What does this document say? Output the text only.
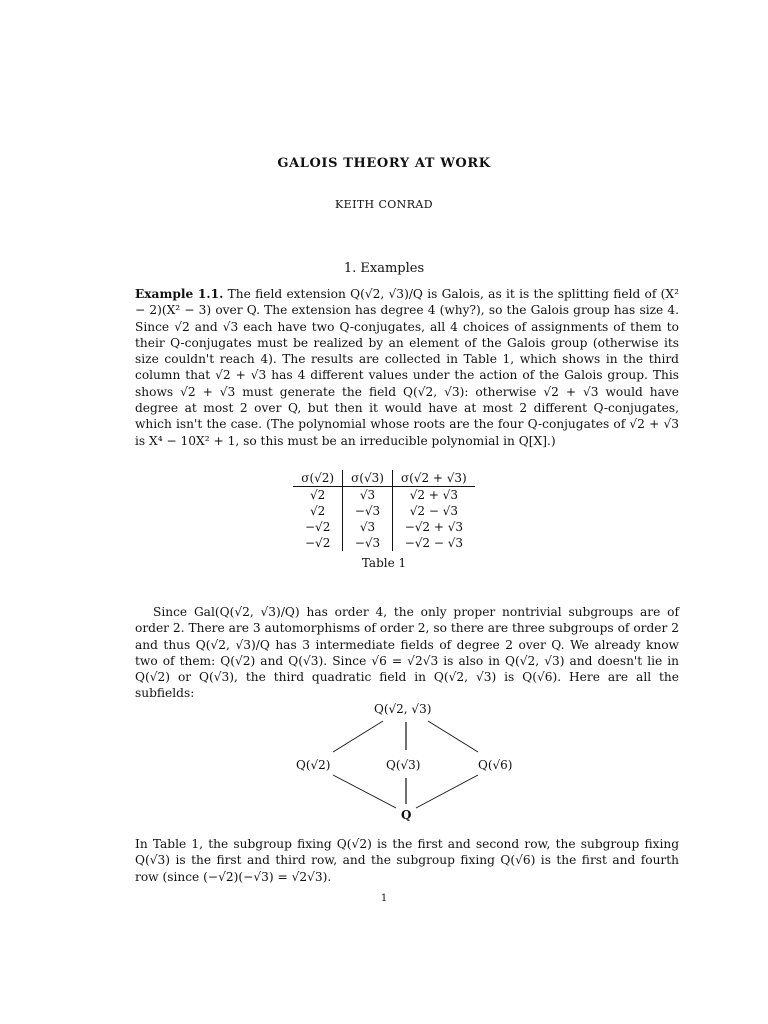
GALOIS THEORY AT WORK
KEITH CONRAD
1. Examples
Example 1.1. The field extension Q(√2, √3)/Q is Galois, as it is the splitting field of (X² − 2)(X² − 3) over Q. The extension has degree 4 (why?), so the Galois group has size 4. Since √2 and √3 each have two Q-conjugates, all 4 choices of assignments of them to their Q-conjugates must be realized by an element of the Galois group (otherwise its size couldn't reach 4). The results are collected in Table 1, which shows in the third column that √2 + √3 has 4 different values under the action of the Galois group. This shows √2 + √3 must generate the field Q(√2, √3): otherwise √2 + √3 would have degree at most 2 over Q, but then it would have at most 2 different Q-conjugates, which isn't the case. (The polynomial whose roots are the four Q-conjugates of √2 + √3 is X⁴ − 10X² + 1, so this must be an irreducible polynomial in Q[X].)
σ(√2)	σ(√3)	σ(√2 + √3)
√2	√3	√2 + √3
√2	−√3	√2 − √3
−√2	√3	−√2 + √3
−√2	−√3	−√2 − √3
Table 1
Since Gal(Q(√2, √3)/Q) has order 4, the only proper nontrivial subgroups are of order 2. There are 3 automorphisms of order 2, so there are three subgroups of order 2 and thus Q(√2, √3)/Q has 3 intermediate fields of degree 2 over Q. We already know two of them: Q(√2) and Q(√3). Since √6 = √2√3 is also in Q(√2, √3) and doesn't lie in Q(√2) or Q(√3), the third quadratic field in Q(√2, √3) is Q(√6). Here are all the subfields:
Q(√2, √3)
Q(√2)	Q(√3)	Q(√6)
Q
In Table 1, the subgroup fixing Q(√2) is the first and second row, the subgroup fixing Q(√3) is the first and third row, and the subgroup fixing Q(√6) is the first and fourth row (since (−√2)(−√3) = √2√3).
1
